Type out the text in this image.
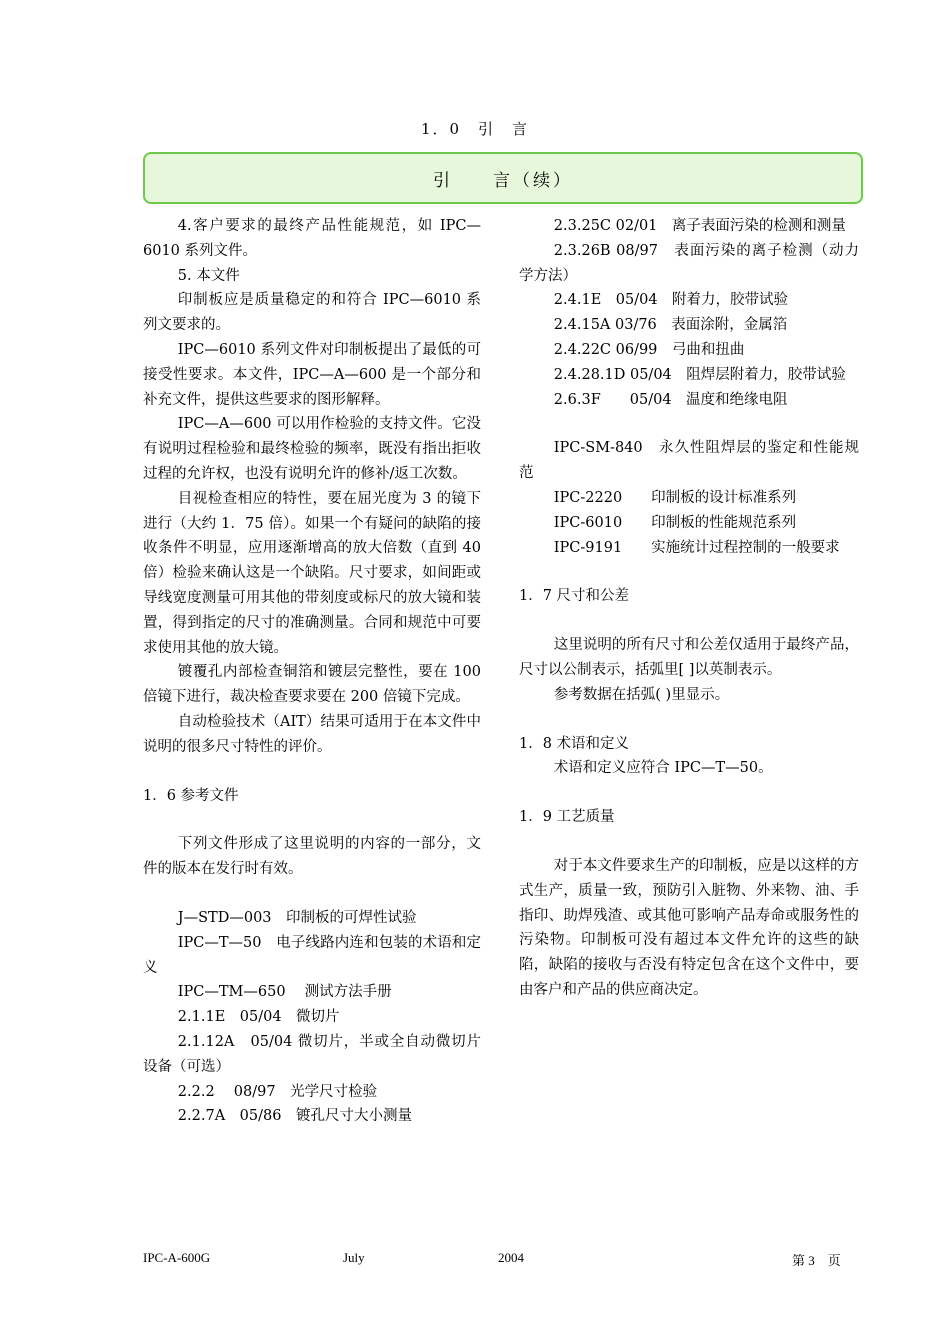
1．0　引　言
引　　言（续）

4.客户要求的最终产品性能规范，如 IPC—6010 系列文件。

5. 本文件

印制板应是质量稳定的和符合 IPC—6010 系列文要求的。

IPC—6010 系列文件对印制板提出了最低的可接受性要求。本文件，IPC—A—600 是一个部分和补充文件，提供这些要求的图形解释。

IPC—A—600 可以用作检验的支持文件。它没有说明过程检验和最终检验的频率，既没有指出拒收过程的允许权，也没有说明允许的修补/返工次数。

目视检查相应的特性，要在屈光度为 3 的镜下进行（大约 1．75 倍）。如果一个有疑问的缺陷的接收条件不明显，应用逐渐增高的放大倍数（直到 40 倍）检验来确认这是一个缺陷。尺寸要求，如间距或导线宽度测量可用其他的带刻度或标尺的放大镜和装置，得到指定的尺寸的准确测量。合同和规范中可要求使用其他的放大镜。

镀覆孔内部检查铜箔和镀层完整性，要在 100 倍镜下进行，裁决检查要求要在 200 倍镜下完成。

自动检验技术（AIT）结果可适用于在本文件中说明的很多尺寸特性的评价。

1．6 参考文件

下列文件形成了这里说明的内容的一部分，文件的版本在发行时有效。

J—STD—003　印制板的可焊性试验

IPC—T—50　电子线路内连和包装的术语和定义

IPC—TM—650　 测试方法手册

2.1.1E　05/04　微切片

2.1.12A　05/04 微切片，半或全自动微切片设备（可选）

2.2.2　 08/97　光学尺寸检验

2.2.7A　05/86　镀孔尺寸大小测量

2.3.25C 02/01　离子表面污染的检测和测量

2.3.26B 08/97　表面污染的离子检测（动力学方法）

2.4.1E　05/04　附着力，胶带试验

2.4.15A 03/76　表面涂附，金属箔

2.4.22C 06/99　弓曲和扭曲

2.4.28.1D 05/04　阻焊层附着力，胶带试验

2.6.3F　　05/04　温度和绝缘电阻

IPC-SM-840　永久性阻焊层的鉴定和性能规范

IPC-2220　　印制板的设计标准系列

IPC-6010　　印制板的性能规范系列

IPC-9191　　实施统计过程控制的一般要求

1．7 尺寸和公差

这里说明的所有尺寸和公差仅适用于最终产品，尺寸以公制表示，括弧里[ ]以英制表示。

参考数据在括弧( )里显示。

1．8 术语和定义

术语和定义应符合 IPC—T—50。

1．9 工艺质量

对于本文件要求生产的印制板，应是以这样的方式生产，质量一致，预防引入脏物、外来物、油、手指印、助焊残渣、或其他可影响产品寿命或服务性的污染物。印制板可没有超过本文件允许的这些的缺陷，缺陷的接收与否没有特定包含在这个文件中，要由客户和产品的供应商决定。

IPC-A-600G	July	2004	第 3　页
